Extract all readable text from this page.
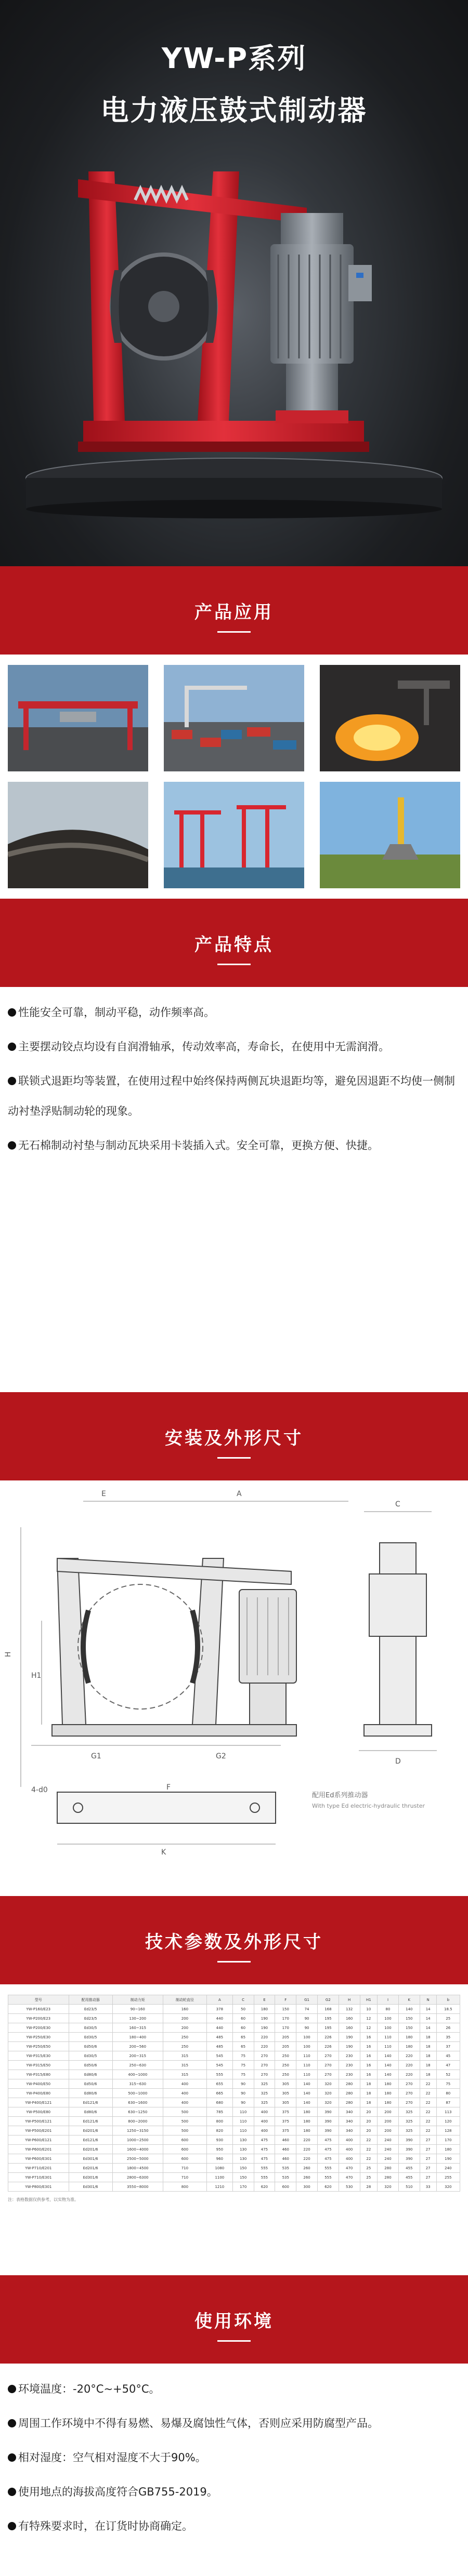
YW-P系列
电力液压鼓式制动器
产品应用
产品特点

性能安全可靠，制动平稳，动作频率高。

主要摆动铰点均设有自润滑轴承，传动效率高，寿命长，在使用中无需润滑。

联锁式退距均等装置，在使用过程中始终保持两侧瓦块退距均等，避免因退距不均使一侧制动衬垫浮贴制动轮的现象。

无石棉制动衬垫与制动瓦块采用卡装插入式。安全可靠，更换方便、快捷。

安装及外形尺寸
E	A
H
H1
G1	G2
C
D
4-d0
K
F
配用Ed系列推动器
With type Ed electric-hydraulic thruster
技术参数及外形尺寸
型号	配用推动器	制动力矩	制动轮直径	A	C	E	F	G1	G2	H	H1	I	K	N	b
YW-P160/E23	Ed23/5	90~160	160	378	50	180	150	74	168	132	10	80	140	14	18.5
YW-P200/E23	Ed23/5	130~200	200	440	60	190	170	90	195	160	12	100	150	14	25
YW-P200/E30	Ed30/5	160~315	200	440	60	190	170	90	195	160	12	100	150	14	26
YW-P250/E30	Ed30/5	180~400	250	485	65	220	205	100	226	190	16	110	180	18	35
YW-P250/E50	Ed50/6	200~560	250	485	65	220	205	100	226	190	16	110	180	18	37
YW-P315/E30	Ed30/5	200~315	315	545	75	270	250	110	270	230	16	140	220	18	45
YW-P315/E50	Ed50/6	250~630	315	545	75	270	250	110	270	230	16	140	220	18	47
YW-P315/E80	Ed80/6	400~1000	315	555	75	270	250	110	270	230	16	140	220	18	52
YW-P400/E50	Ed50/6	315~630	400	655	90	325	305	140	320	280	18	180	270	22	75
YW-P400/E80	Ed80/6	500~1000	400	665	90	325	305	140	320	280	18	180	270	22	80
YW-P400/E121	Ed121/6	630~1600	400	680	90	325	305	140	320	280	18	180	270	22	87
YW-P500/E80	Ed80/6	630~1250	500	785	110	400	375	180	390	340	20	200	325	22	113
YW-P500/E121	Ed121/6	800~2000	500	800	110	400	375	180	390	340	20	200	325	22	120
YW-P500/E201	Ed201/6	1250~3150	500	820	110	400	375	180	390	340	20	200	325	22	128
YW-P600/E121	Ed121/6	1000~2500	600	930	130	475	460	220	475	400	22	240	390	27	170
YW-P600/E201	Ed201/6	1600~4000	600	950	130	475	460	220	475	400	22	240	390	27	180
YW-P600/E301	Ed301/6	2500~5000	600	960	130	475	460	220	475	400	22	240	390	27	190
YW-P710/E201	Ed201/6	1800~4500	710	1080	150	555	535	260	555	470	25	280	455	27	240
YW-P710/E301	Ed301/6	2800~6300	710	1100	150	555	535	260	555	470	25	280	455	27	255
YW-P800/E301	Ed301/6	3550~8000	800	1210	170	620	600	300	620	530	28	320	510	33	320
注：表格数据仅供参考，以实物为准。
使用环境

环境温度：-20°C~+50°C。

周围工作环境中不得有易燃、易爆及腐蚀性气体，否则应采用防腐型产品。

相对湿度：空气相对湿度不大于90%。

使用地点的海拔高度符合GB755-2019。

有特殊要求时，在订货时协商确定。
